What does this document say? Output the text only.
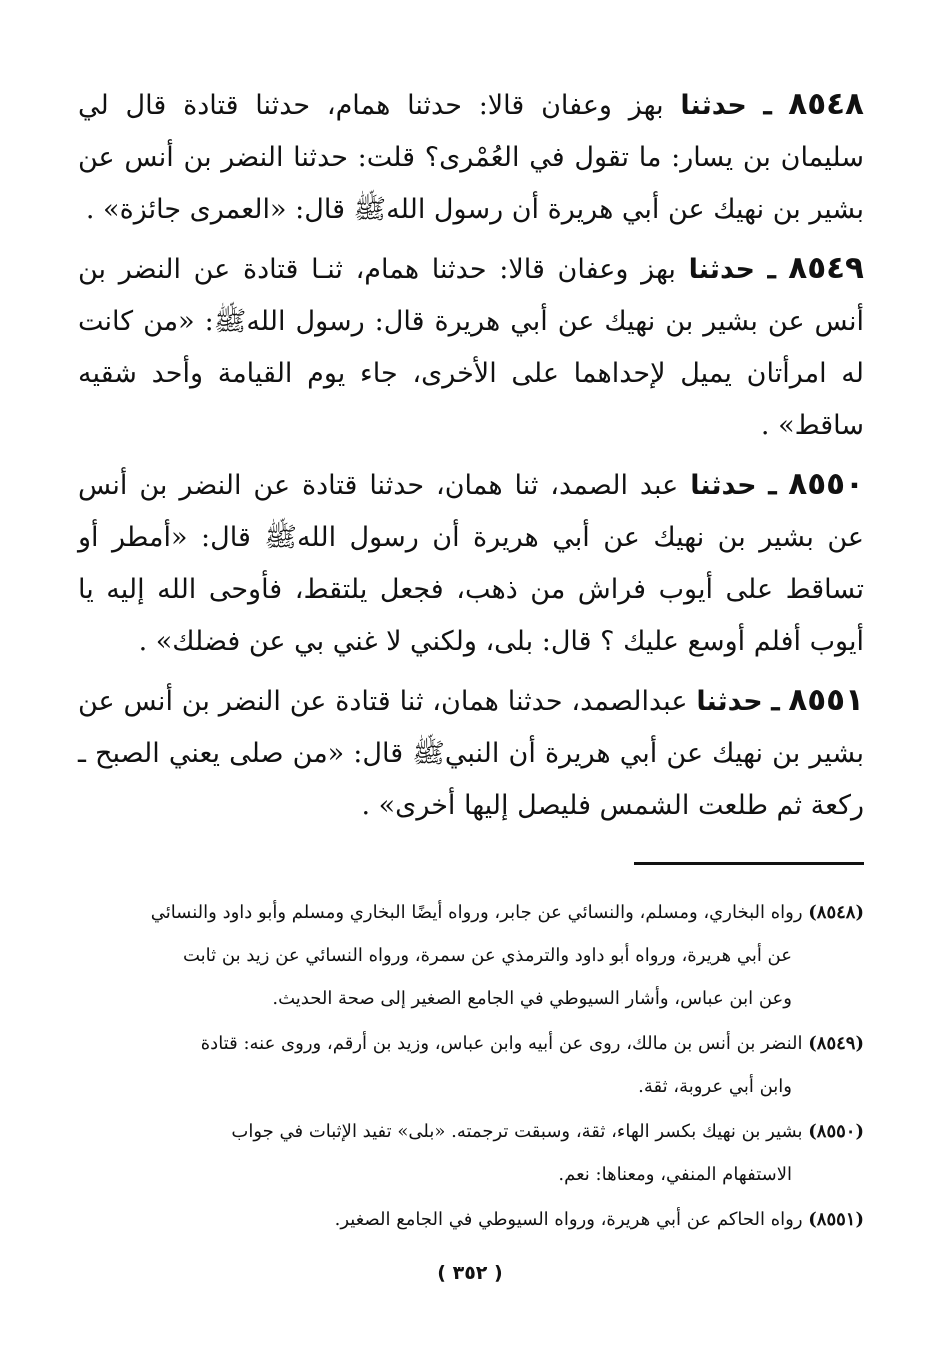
٨٥٤٨ ـ حدثنا بهز وعفان قالا: حدثنا همام، حدثنا قتادة قال لي سليمان بن يسار: ما تقول في العُمْرى؟ قلت: حدثنا النضر بن أنس عن بشير بن نهيك عن أبي هريرة أن رسول اللهﷺ قال: «العمرى جائزة» .

٨٥٤٩ ـ حدثنا بهز وعفان قالا: حدثنا همام، ثنـا قتادة عن النضر بن أنس عن بشير بن نهيك عن أبي هريرة قال: رسول اللهﷺ: «من كانت له امرأتان يميل لإحداهما على الأخرى، جاء يوم القيامة وأحد شقيه ساقط» .

٨٥٥٠ ـ حدثنا عبد الصمد، ثنا همان، حدثنا قتادة عن النضر بن أنس عن بشير بن نهيك عن أبي هريرة أن رسول اللهﷺ قال: «أمطر أو تساقط على أيوب فراش من ذهب، فجعل يلتقط، فأوحى الله إليه يا أيوب أفلم أوسع عليك ؟ قال: بلى، ولكني لا غني بي عن فضلك» .

٨٥٥١ ـ حدثنا عبدالصمد، حدثنا همان، ثنا قتادة عن النضر بن أنس عن بشير بن نهيك عن أبي هريرة أن النبيﷺ قال: «من صلى يعني الصبح ـ ركعة ثم طلعت الشمس فليصل إليها أخرى» .

(٨٥٤٨) رواه البخاري، ومسلم، والنسائي عن جابر، ورواه أيضًا البخاري ومسلم وأبو داود والنسائي
عن أبي هريرة، ورواه أبو داود والترمذي عن سمرة، ورواه النسائي عن زيد بن ثابت
وعن ابن عباس، وأشار السيوطي في الجامع الصغير إلى صحة الحديث.
(٨٥٤٩) النضر بن أنس بن مالك، روى عن أبيه وابن عباس، وزيد بن أرقم، وروى عنه: قتادة
وابن أبي عروبة، ثقة.
(٨٥٥٠) بشير بن نهيك بكسر الهاء، ثقة، وسبقت ترجمته. «بلى» تفيد الإثبات في جواب
الاستفهام المنفي، ومعناها: نعم.
(٨٥٥١) رواه الحاكم عن أبي هريرة، ورواه السيوطي في الجامع الصغير.
( ٣٥٢ )
